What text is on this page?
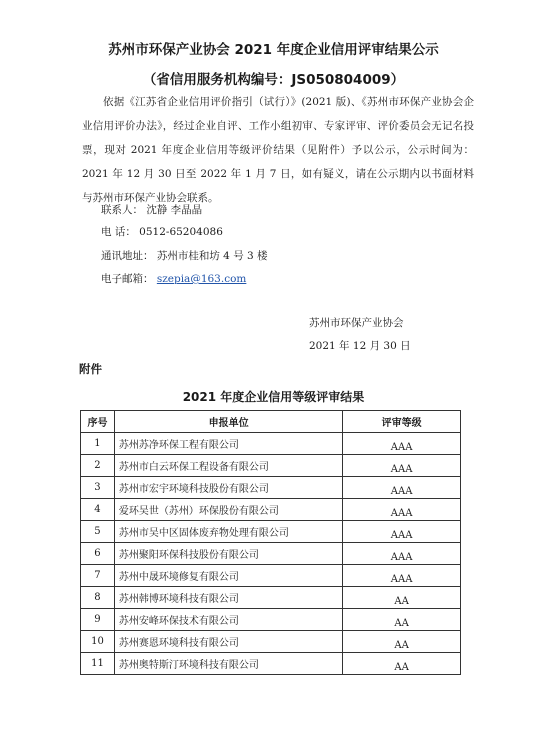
苏州市环保产业协会 2021 年度企业信用评审结果公示
（省信用服务机构编号：JS050804009）
依据《江苏省企业信用评价指引（试行）》(2021 版)、《苏州市环保产业协会企业信用评价办法》，经过企业自评、工作小组初审、专家评审、评价委员会无记名投票，现对 2021 年度企业信用等级评价结果（见附件）予以公示，公示时间为：2021 年 12 月 30 日至 2022 年 1 月 7 日，如有疑义，请在公示期内以书面材料与苏州市环保产业协会联系。
联系人： 沈静 李晶晶
电 话： 0512-65204086
通讯地址： 苏州市桂和坊 4 号 3 楼
电子邮箱： szepia@163.com
苏州市环保产业协会
2021 年 12 月 30 日
附件
2021 年度企业信用等级评审结果
序号	申报单位	评审等级
1	苏州苏净环保工程有限公司	AAA
2	苏州市白云环保工程设备有限公司	AAA
3	苏州市宏宇环境科技股份有限公司	AAA
4	爱环吴世（苏州）环保股份有限公司	AAA
5	苏州市吴中区固体废弃物处理有限公司	AAA
6	苏州聚阳环保科技股份有限公司	AAA
7	苏州中晟环境修复有限公司	AAA
8	苏州韩博环境科技有限公司	AA
9	苏州安峰环保技术有限公司	AA
10	苏州赛恩环境科技有限公司	AA
11	苏州奥特斯汀环境科技有限公司	AA
